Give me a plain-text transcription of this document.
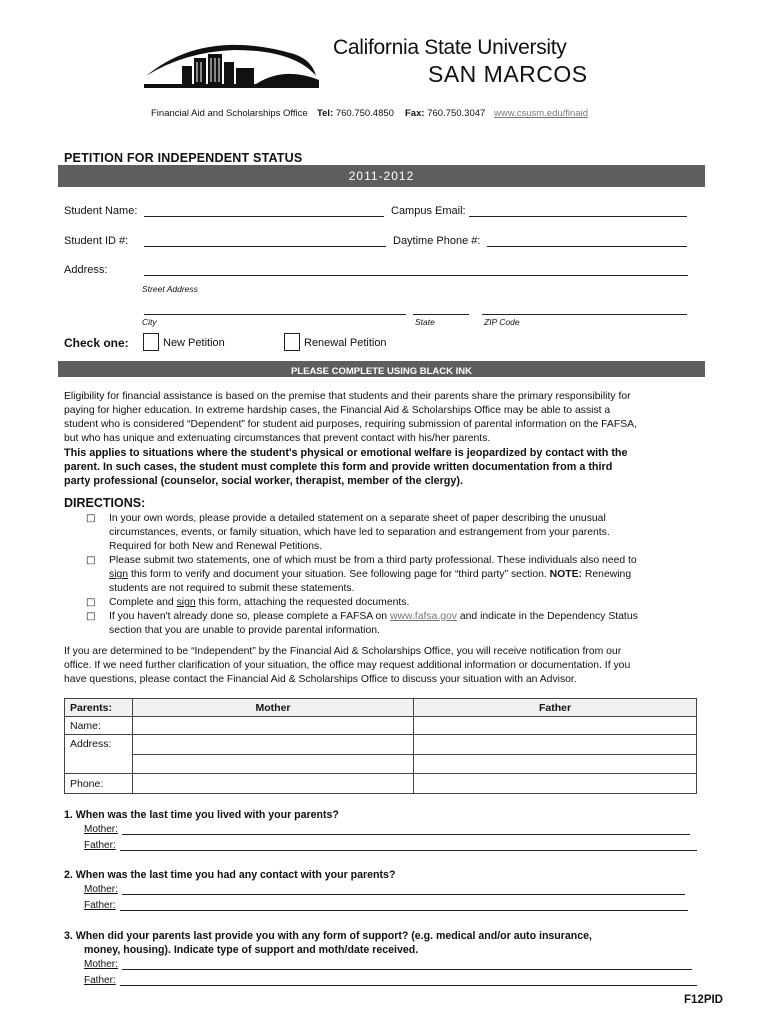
California State University
SAN MARCOS
Financial Aid and Scholarships Office Tel: 760.750.4850 Fax: 760.750.3047 www.csusm.edu/finaid
PETITION FOR INDEPENDENT STATUS
2011-2012
Student Name:	Campus Email:
Student ID #:	Daytime Phone #:
Address:
Street Address
City	State	ZIP Code
Check one:	New Petition	Renewal Petition
PLEASE COMPLETE USING BLACK INK
Eligibility for financial assistance is based on the premise that students and their parents share the primary responsibility for
paying for higher education. In extreme hardship cases, the Financial Aid & Scholarships Office may be able to assist a
student who is considered “Dependent” for student aid purposes, requiring submission of parental information on the FAFSA,
but who has unique and extenuating circumstances that prevent contact with his/her parents.
This applies to situations where the student's physical or emotional welfare is jeopardized by contact with the
parent. In such cases, the student must complete this form and provide written documentation from a third
party professional (counselor, social worker, therapist, member of the clergy).
DIRECTIONS:
□ In your own words, please provide a detailed statement on a separate sheet of paper describing the unusual
circumstances, events, or family situation, which have led to separation and estrangement from your parents.
Required for both New and Renewal Petitions.
□ Please submit two statements, one of which must be from a third party professional. These individuals also need to
sign this form to verify and document your situation. See following page for “third party” section. NOTE: Renewing
students are not required to submit these statements.
□ Complete and sign this form, attaching the requested documents.
□ If you haven't already done so, please complete a FAFSA on www.fafsa.gov and indicate in the Dependency Status
section that you are unable to provide parental information.
If you are determined to be “Independent” by the Financial Aid & Scholarships Office, you will receive notification from our
office. If we need further clarification of your situation, the office may request additional information or documentation. If you
have questions, please contact the Financial Aid & Scholarships Office to discuss your situation with an Advisor.
Parents:	Mother	Father
Name:		
Address:		

Phone:		
1. When was the last time you lived with your parents?
Mother:
Father:
2. When was the last time you had any contact with your parents?
Mother:
Father:
3. When did your parents last provide you with any form of support? (e.g. medical and/or auto insurance,
money, housing). Indicate type of support and moth/date received.
Mother:
Father:
F12PID
